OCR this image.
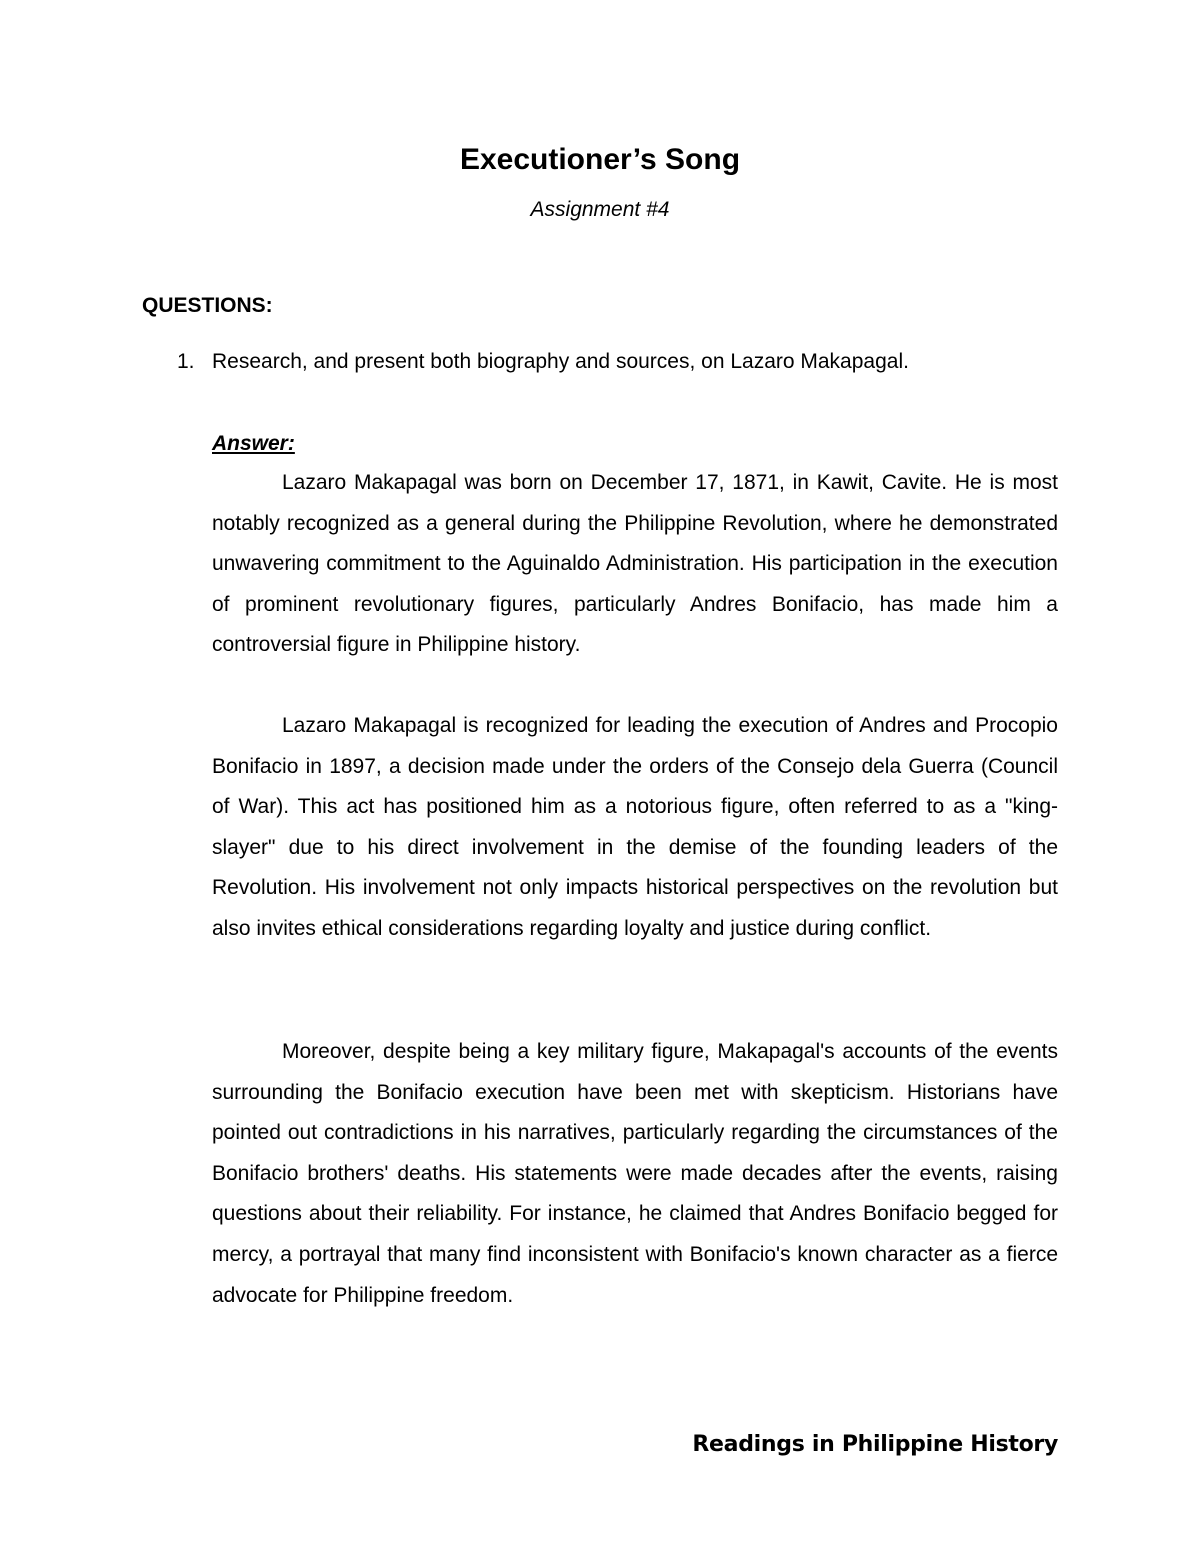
Executioner’s Song
Assignment #4
QUESTIONS:
1. Research, and present both biography and sources, on Lazaro Makapagal.
Answer:

Lazaro Makapagal was born on December 17, 1871, in Kawit, Cavite. He is most notably recognized as a general during the Philippine Revolution, where he demonstrated unwavering commitment to the Aguinaldo Administration. His participation in the execution of prominent revolutionary figures, particularly Andres Bonifacio, has made him a controversial figure in Philippine history.

Lazaro Makapagal is recognized for leading the execution of Andres and Procopio Bonifacio in 1897, a decision made under the orders of the Consejo dela Guerra (Council of War). This act has positioned him as a notorious figure, often referred to as a "king-slayer" due to his direct involvement in the demise of the founding leaders of the Revolution. His involvement not only impacts historical perspectives on the revolution but also invites ethical considerations regarding loyalty and justice during conflict.

Moreover, despite being a key military figure, Makapagal's accounts of the events surrounding the Bonifacio execution have been met with skepticism. Historians have pointed out contradictions in his narratives, particularly regarding the circumstances of the Bonifacio brothers' deaths. His statements were made decades after the events, raising questions about their reliability. For instance, he claimed that Andres Bonifacio begged for mercy, a portrayal that many find inconsistent with Bonifacio's known character as a fierce advocate for Philippine freedom.

Readings in Philippine History
